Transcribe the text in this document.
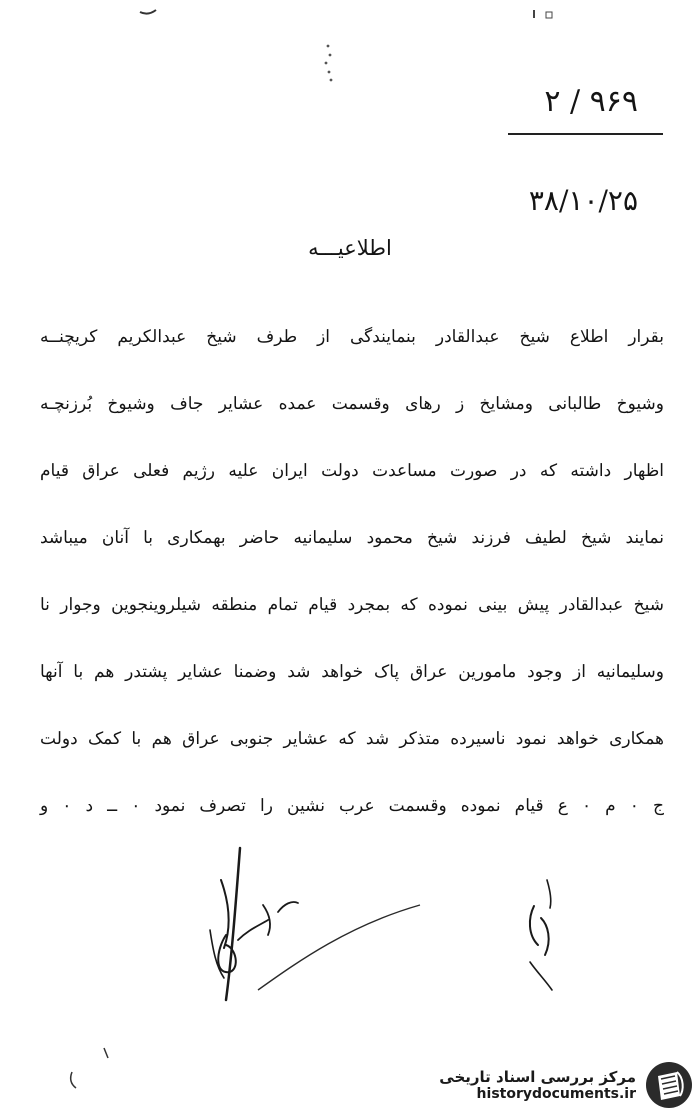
۲ / ۹۶۹
۳۸/۱۰/۲۵
اطلاعیـــه
بقرار اطلاع شیخ عبدالقادر بنمایندگی از طرف شیخ عبدالکریم کریچنــه
وشیوخ طالبانی ومشایخ ز رهای وقسمت عمده عشایر جاف وشیوخ بُرزنچـه
اظهار داشته که در صورت مساعدت دولت ایران علیه رژیم فعلی عراق قیام
نمایند شیخ لطیف فرزند شیخ محمود سلیمانیه حاضر بهمکاری با آنان میباشد
شیخ عبدالقادر پیش بینی نموده که بمجرد قیام تمام منطقه شیلروینجوین وجوار نا
وسلیمانیه از وجود مامورین عراق پاک خواهد شد وضمنا عشایر پشتدر هم با آنها
همکاری خواهد نمود ناسیرده متذکر شد که عشایر جنوبی عراق هم با کمک دولت
ج ۰ م ۰ ع قیام نموده وقسمت عرب نشین را تصرف نمود ۰ ــ د ۰ و
مرکز بررسی اسناد تاریخی
historydocuments.ir
